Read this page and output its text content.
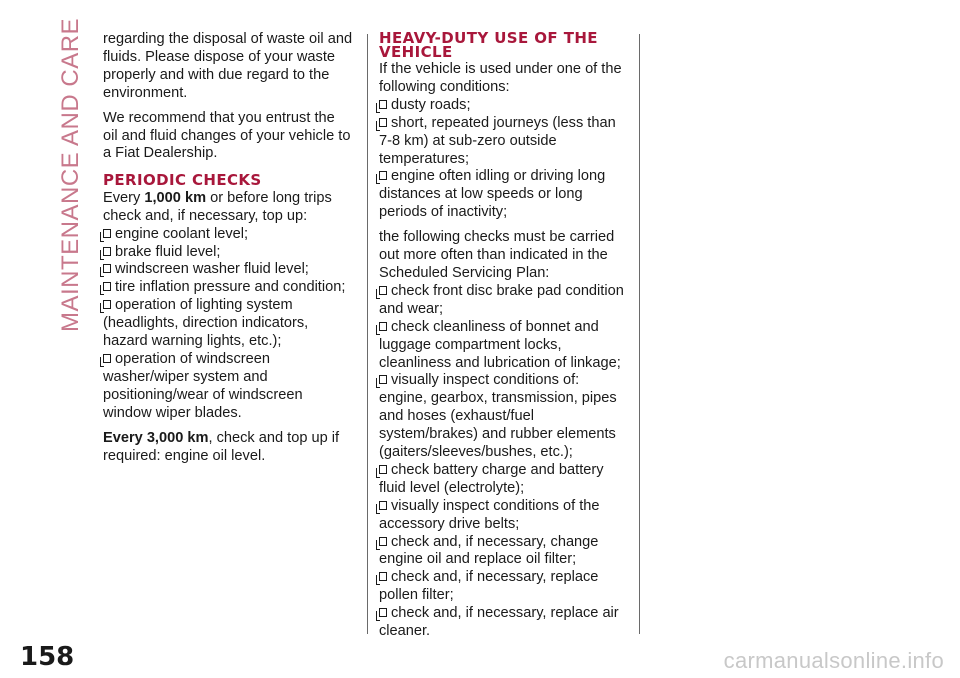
MAINTENANCE AND CARE
158	carmanualsonline.info

regarding the disposal of waste oil and fluids. Please dispose of your waste properly and with due regard to the environment.

We recommend that you entrust the oil and fluid changes of your vehicle to a Fiat Dealership.

PERIODIC CHECKS

Every 1,000 km or before long trips check and, if necessary, top up:

engine coolant level;
brake fluid level;
windscreen washer fluid level;
tire inflation pressure and condition;
operation of lighting system (headlights, direction indicators, hazard warning lights, etc.);
operation of windscreen washer/wiper system and positioning/wear of windscreen window wiper blades.

Every 3,000 km, check and top up if required: engine oil level.

HEAVY-DUTY USE OF THE VEHICLE

If the vehicle is used under one of the following conditions:

dusty roads;
short, repeated journeys (less than 7-8 km) at sub-zero outside temperatures;
engine often idling or driving long distances at low speeds or long periods of inactivity;

the following checks must be carried out more often than indicated in the Scheduled Servicing Plan:

check front disc brake pad condition and wear;
check cleanliness of bonnet and luggage compartment locks, cleanliness and lubrication of linkage;
visually inspect conditions of: engine, gearbox, transmission, pipes and hoses (exhaust/fuel system/brakes) and rubber elements (gaiters/sleeves/bushes, etc.);
check battery charge and battery fluid level (electrolyte);
visually inspect conditions of the accessory drive belts;
check and, if necessary, change engine oil and replace oil filter;
check and, if necessary, replace pollen filter;
check and, if necessary, replace air cleaner.
